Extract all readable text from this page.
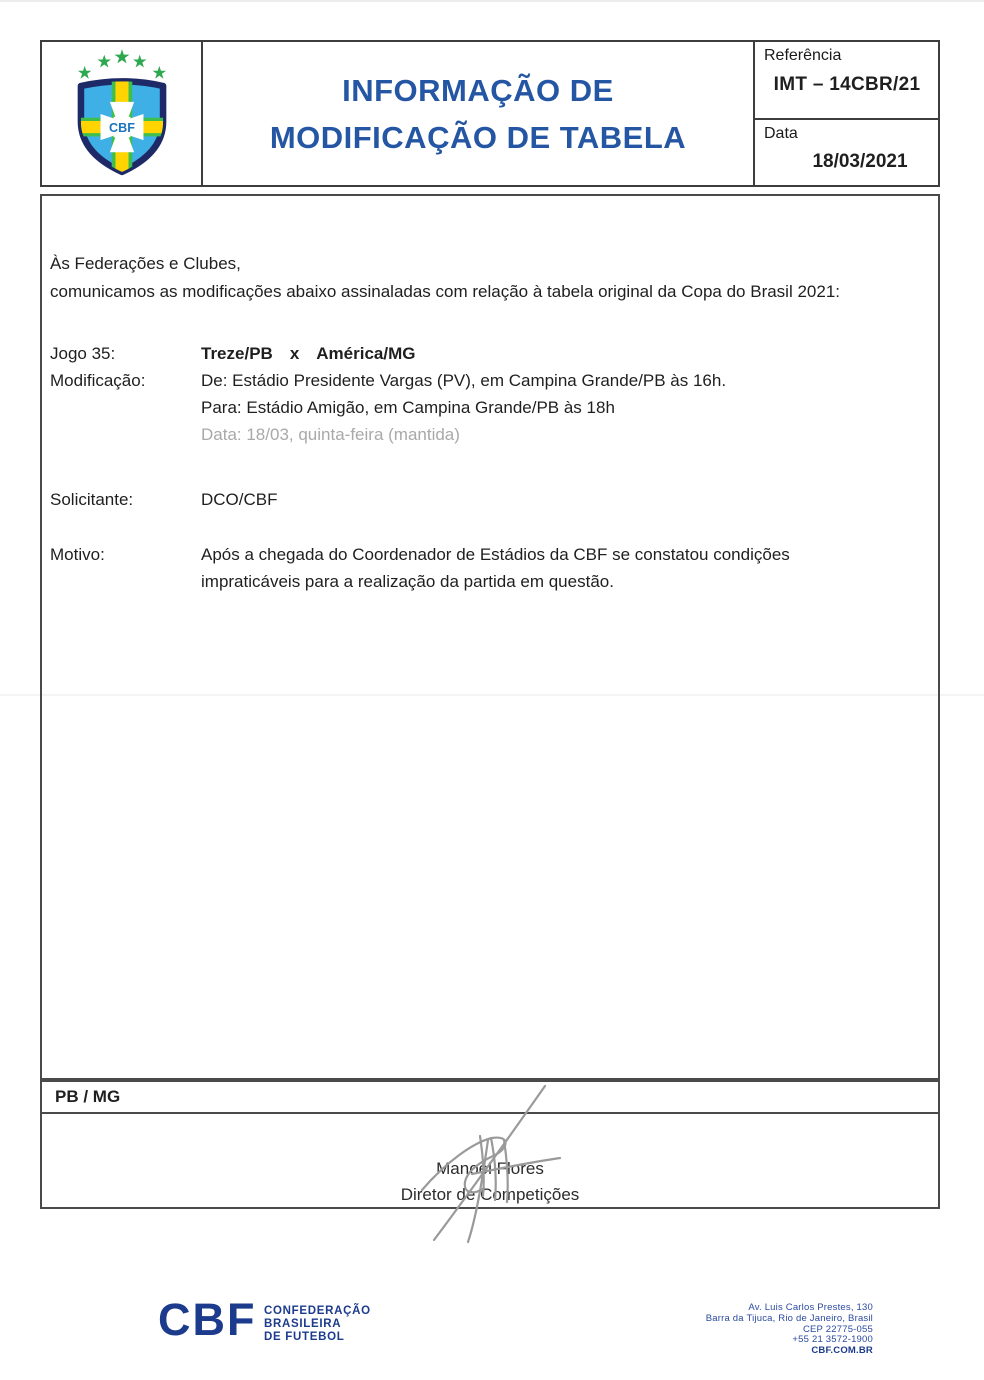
CBF
INFORMAÇÃO DE
MODIFICAÇÃO DE TABELA
Referência
IMT – 14CBR/21
Data
18/03/2021
Às Federações e Clubes,
comunicamos as modificações abaixo assinaladas com relação à tabela original da Copa do Brasil 2021:
Jogo 35:	Treze/PB x América/MG
Modificação:	De: Estádio Presidente Vargas (PV), em Campina Grande/PB às 16h.
Para: Estádio Amigão, em Campina Grande/PB às 18h
Data: 18/03, quinta-feira (mantida)
Solicitante:	DCO/CBF
Motivo:	Após a chegada do Coordenador de Estádios da CBF se constatou condições
impraticáveis para a realização da partida em questão.
PB / MG
Manoel Flores
Diretor de Competições
CBF CONFEDERAÇÃO
BRASILEIRA
DE FUTEBOL
Av. Luis Carlos Prestes, 130
Barra da Tijuca, Rio de Janeiro, Brasil
CEP 22775-055
+55 21 3572-1900
CBF.COM.BR
